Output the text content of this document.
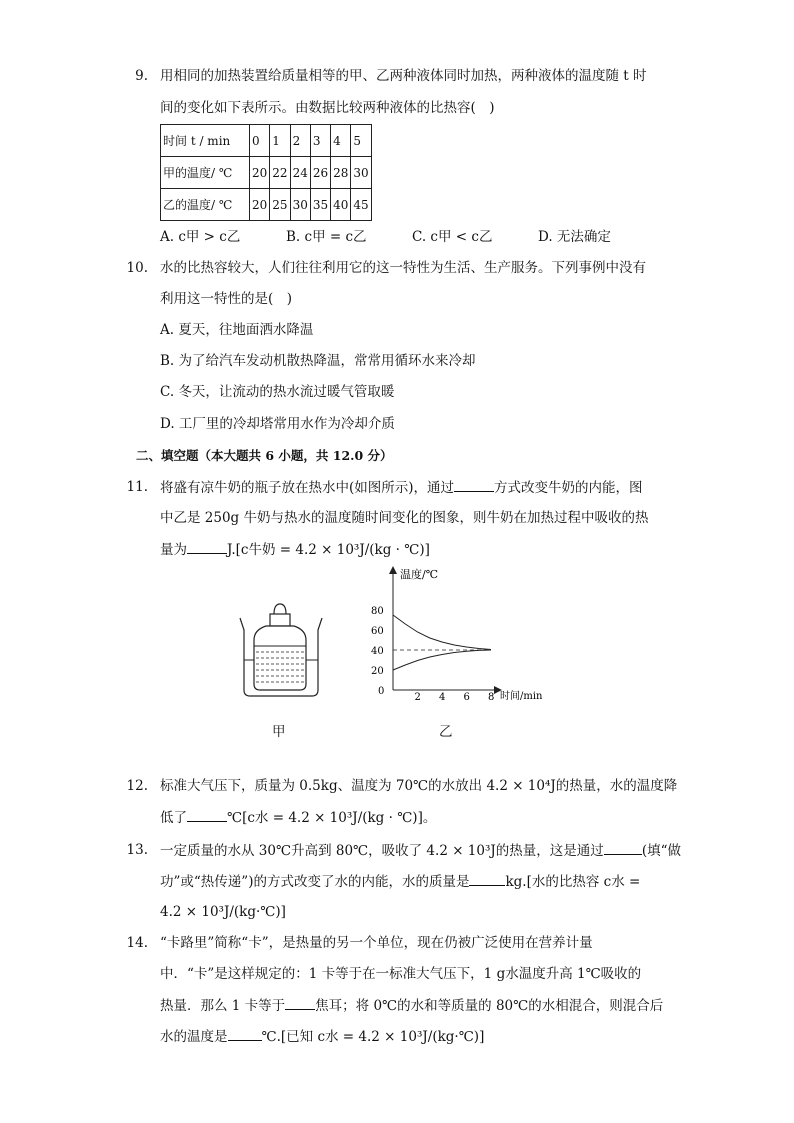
9. 用相同的加热装置给质量相等的甲、乙两种液体同时加热，两种液体的温度随 t 时
间的变化如下表所示。由数据比较两种液体的比热容(　)
时间 t / min	0	1	2	3	4	5
甲的温度/ ℃	20	22	24	26	28	30
乙的温度/ ℃	20	25	30	35	40	45
A. c甲 > c乙	B. c甲 = c乙	C. c甲 < c乙	D. 无法确定
10. 水的比热容较大，人们往往利用它的这一特性为生活、生产服务。下列事例中没有
利用这一特性的是(　)
A. 夏天，往地面洒水降温
B. 为了给汽车发动机散热降温，常常用循环水来冷却
C. 冬天，让流动的热水流过暖气管取暖
D. 工厂里的冷却塔常用水作为冷却介质
二、填空题（本大题共 6 小题，共 12.0 分）
11. 将盛有凉牛奶的瓶子放在热水中(如图所示)，通过	方式改变牛奶的内能，图
中乙是 250g 牛奶与热水的温度随时间变化的图象，则牛奶在加热过程中吸收的热
量为	J.[c牛奶 = 4.2 × 10³J/(kg · ℃)]
甲
温度/℃
时间/min
0
20
40
60
80
2 4 6 8
乙
12. 标准大气压下，质量为 0.5kg、温度为 70℃的水放出 4.2 × 10⁴J的热量，水的温度降
低了	℃[c水 = 4.2 × 10³J/(kg · ℃)]。
13. 一定质量的水从 30℃升高到 80℃，吸收了 4.2 × 10³J的热量，这是通过	(填“做
功”或“热传递”)的方式改变了水的内能，水的质量是	kg.[水的比热容 c水 =
4.2 × 10³J/(kg·℃)]
14. “卡路里”简称“卡”，是热量的另一个单位，现在仍被广泛使用在营养计量
中．“卡”是这样规定的：1 卡等于在一标准大气压下，1 g水温度升高 1℃吸收的
热量．那么 1 卡等于 焦耳；将 0℃的水和等质量的 80℃的水相混合，则混合后
水的温度是	℃.[已知 c水 = 4.2 × 10³J/(kg·℃)]
